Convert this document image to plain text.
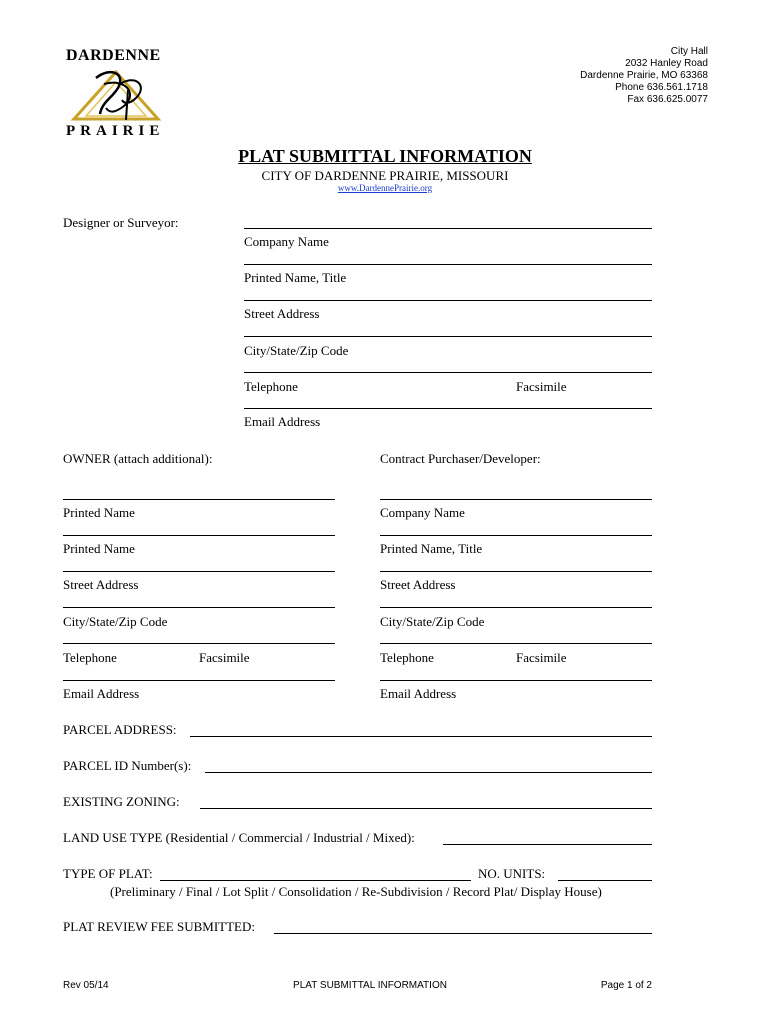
DARDENNE
PRAIRIE
City Hall
2032 Hanley Road
Dardenne Prairie, MO 63368
Phone 636.561.1718
Fax 636.625.0077
PLAT SUBMITTAL INFORMATION
CITY OF DARDENNE PRAIRIE, MISSOURI
www.DardennePrairie.org
Designer or Surveyor:
Company Name
Printed Name, Title
Street Address
City/State/Zip Code
Telephone	Facsimile
Email Address
OWNER (attach additional):	Contract Purchaser/Developer:
Printed Name	Company Name
Printed Name	Printed Name, Title
Street Address	Street Address
City/State/Zip Code	City/State/Zip Code
Telephone	Facsimile	Telephone	Facsimile
Email Address	Email Address
PARCEL ADDRESS:
PARCEL ID Number(s):
EXISTING ZONING:
LAND USE TYPE (Residential / Commercial / Industrial / Mixed):
TYPE OF PLAT:	NO. UNITS:
(Preliminary / Final / Lot Split / Consolidation / Re-Subdivision / Record Plat/ Display House)
PLAT REVIEW FEE SUBMITTED:
Rev 05/14	PLAT SUBMITTAL INFORMATION	Page 1 of 2
